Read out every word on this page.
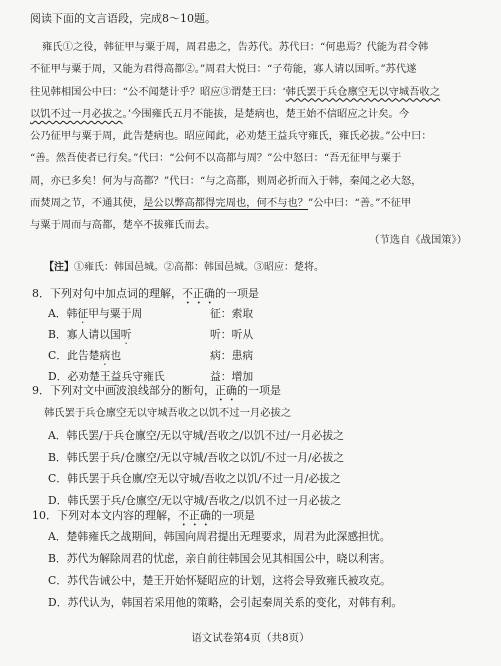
阅读下面的文言语段，完成8～10题。
雍氏①之役，韩征甲与粟于周，周君患之，告苏代。苏代曰：“何患焉？代能为君令韩
不征甲与粟于周，又能为君得高都②。”周君大悦曰：“子苟能，寡人请以国听。”苏代遂
往见韩相国公中曰：“公不闻楚计乎？昭应③谓楚王曰：‘韩氏罢于兵仓廪空无以守城吾收之
以饥不过一月必拔之。’今围雍氏五月不能拔，是楚病也，楚王始不信昭应之计矣。今
公乃征甲与粟于周，此告楚病也。昭应闻此，必劝楚王益兵守雍氏，雍氏必拔。”公中曰：
“善。然吾使者已行矣。”代曰：“公何不以高都与周？”公中怒曰：“吾无征甲与粟于
周，亦已多矣！何为与高都？”代曰：“与之高都，则周必折而入于韩，秦闻之必大怒，
而焚周之节，不通其使，是公以弊高都得完周也，何不与也？”公中曰：“善。”不征甲
与粟于周而与高都，楚卒不拔雍氏而去。
（节选自《战国策》）
【注】①雍氏：韩国邑城。②高都：韩国邑城。③昭应：楚将。
8．下列对句中加点词的理解，不正确的一项是
A．韩征甲与粟于周	征：索取
B．寡人请以国听	听：听从
C．此告楚病也	病：患病
D．必劝楚王益兵守雍氏	益：增加
9．下列对文中画波浪线部分的断句，正确的一项是
韩氏罢于兵仓廪空无以守城吾收之以饥不过一月必拔之
A．韩氏罢/于兵仓廪空/无以守城/吾收之/以饥不过/一月必拔之
B．韩氏罢于兵/仓廪空/无以守城/吾收之以饥/不过一月/必拔之
C．韩氏罢于兵仓廪/空无以守城/吾收之以饥/不过一月/必拔之
D．韩氏罢于兵/仓廪空/无以守城/吾收之/以饥不过一月必拔之
10．下列对本文内容的理解，不正确的一项是
A．楚韩雍氏之战期间，韩国向周君提出无理要求，周君为此深感担忧。
B．苏代为解除周君的忧虑，亲自前往韩国会见其相国公中，晓以利害。
C．苏代告诫公中，楚王开始怀疑昭应的计划，这将会导致雍氏被攻克。
D．苏代认为，韩国若采用他的策略，会引起秦周关系的变化，对韩有利。
语文试卷第4页（共8页）
